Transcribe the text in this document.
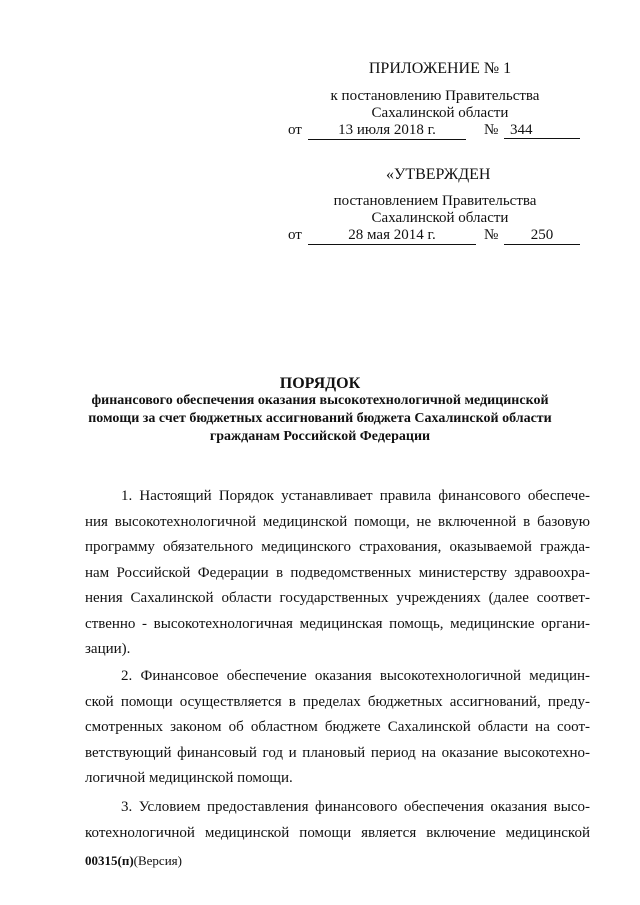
ПРИЛОЖЕНИЕ № 1
к постановлению Правительства
Сахалинской области
от	13 июля 2018 г.	№ 344
«УТВЕРЖДЕН
постановлением Правительства
Сахалинской области
от	28 мая 2014 г.	№	250
ПОРЯДОК
финансового обеспечения оказания высокотехнологичной медицинской
помощи за счет бюджетных ассигнований бюджета Сахалинской области
гражданам Российской Федерации
1. Настоящий Порядок устанавливает правила финансового обеспече-
ния высокотехнологичной медицинской помощи, не включенной в базовую
программу обязательного медицинского страхования, оказываемой гражда-
нам Российской Федерации в подведомственных министерству здравоохра-
нения Сахалинской области государственных учреждениях (далее соответ-
ственно - высокотехнологичная медицинская помощь, медицинские органи-
зации).
2. Финансовое обеспечение оказания высокотехнологичной медицин-
ской помощи осуществляется в пределах бюджетных ассигнований, преду-
смотренных законом об областном бюджете Сахалинской области на соот-
ветствующий финансовый год и плановый период на оказание высокотехно-
логичной медицинской помощи.
3. Условием предоставления финансового обеспечения оказания высо-
котехнологичной медицинской помощи является включение медицинской
00315(п)(Версия)
